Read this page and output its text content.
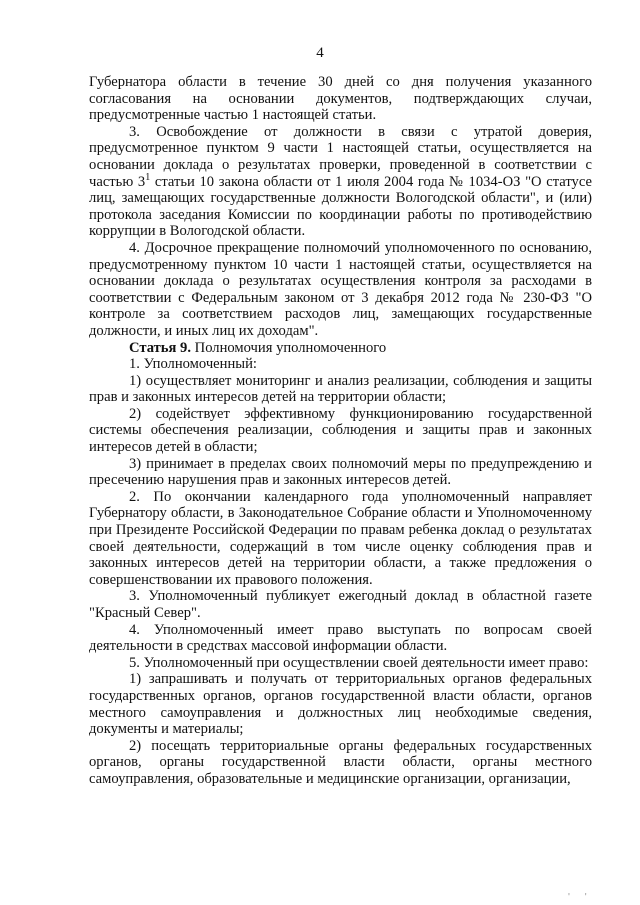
4

Губернатора области в течение 30 дней со дня получения указанного согласования на основании документов, подтверждающих случаи, предусмотренные частью 1 настоящей статьи.

3. Освобождение от должности в связи с утратой доверия, предусмотренное пунктом 9 части 1 настоящей статьи, осуществляется на основании доклада о результатах проверки, проведенной в соответствии с частью $3^1$ статьи 10 закона области от 1 июля 2004 года № 1034-ОЗ "О статусе лиц, замещающих государственные должности Вологодской области", и (или) протокола заседания Комиссии по координации работы по противодействию коррупции в Вологодской области.

4. Досрочное прекращение полномочий уполномоченного по основанию, предусмотренному пунктом 10 части 1 настоящей статьи, осуществляется на основании доклада о результатах осуществления контроля за расходами в соответствии с Федеральным законом от 3 декабря 2012 года № 230-ФЗ "О контроле за соответствием расходов лиц, замещающих государственные должности, и иных лиц их доходам".

Статья 9. Полномочия уполномоченного

1. Уполномоченный:

1) осуществляет мониторинг и анализ реализации, соблюдения и защиты прав и законных интересов детей на территории области;

2) содействует эффективному функционированию государственной системы обеспечения реализации, соблюдения и защиты прав и законных интересов детей в области;

3) принимает в пределах своих полномочий меры по предупреждению и пресечению нарушения прав и законных интересов детей.

2. По окончании календарного года уполномоченный направляет Губернатору области, в Законодательное Собрание области и Уполномоченному при Президенте Российской Федерации по правам ребенка доклад о результатах своей деятельности, содержащий в том числе оценку соблюдения прав и законных интересов детей на территории области, а также предложения о совершенствовании их правового положения.

3. Уполномоченный публикует ежегодный доклад в областной газете "Красный Север".

4. Уполномоченный имеет право выступать по вопросам своей деятельности в средствах массовой информации области.

5. Уполномоченный при осуществлении своей деятельности имеет право:

1) запрашивать и получать от территориальных органов федеральных государственных органов, органов государственной власти области, органов местного самоуправления и должностных лиц необходимые сведения, документы и материалы;

2) посещать территориальные органы федеральных государственных органов, органы государственной власти области, органы местного самоуправления, образовательные и медицинские организации, организации,

' '
